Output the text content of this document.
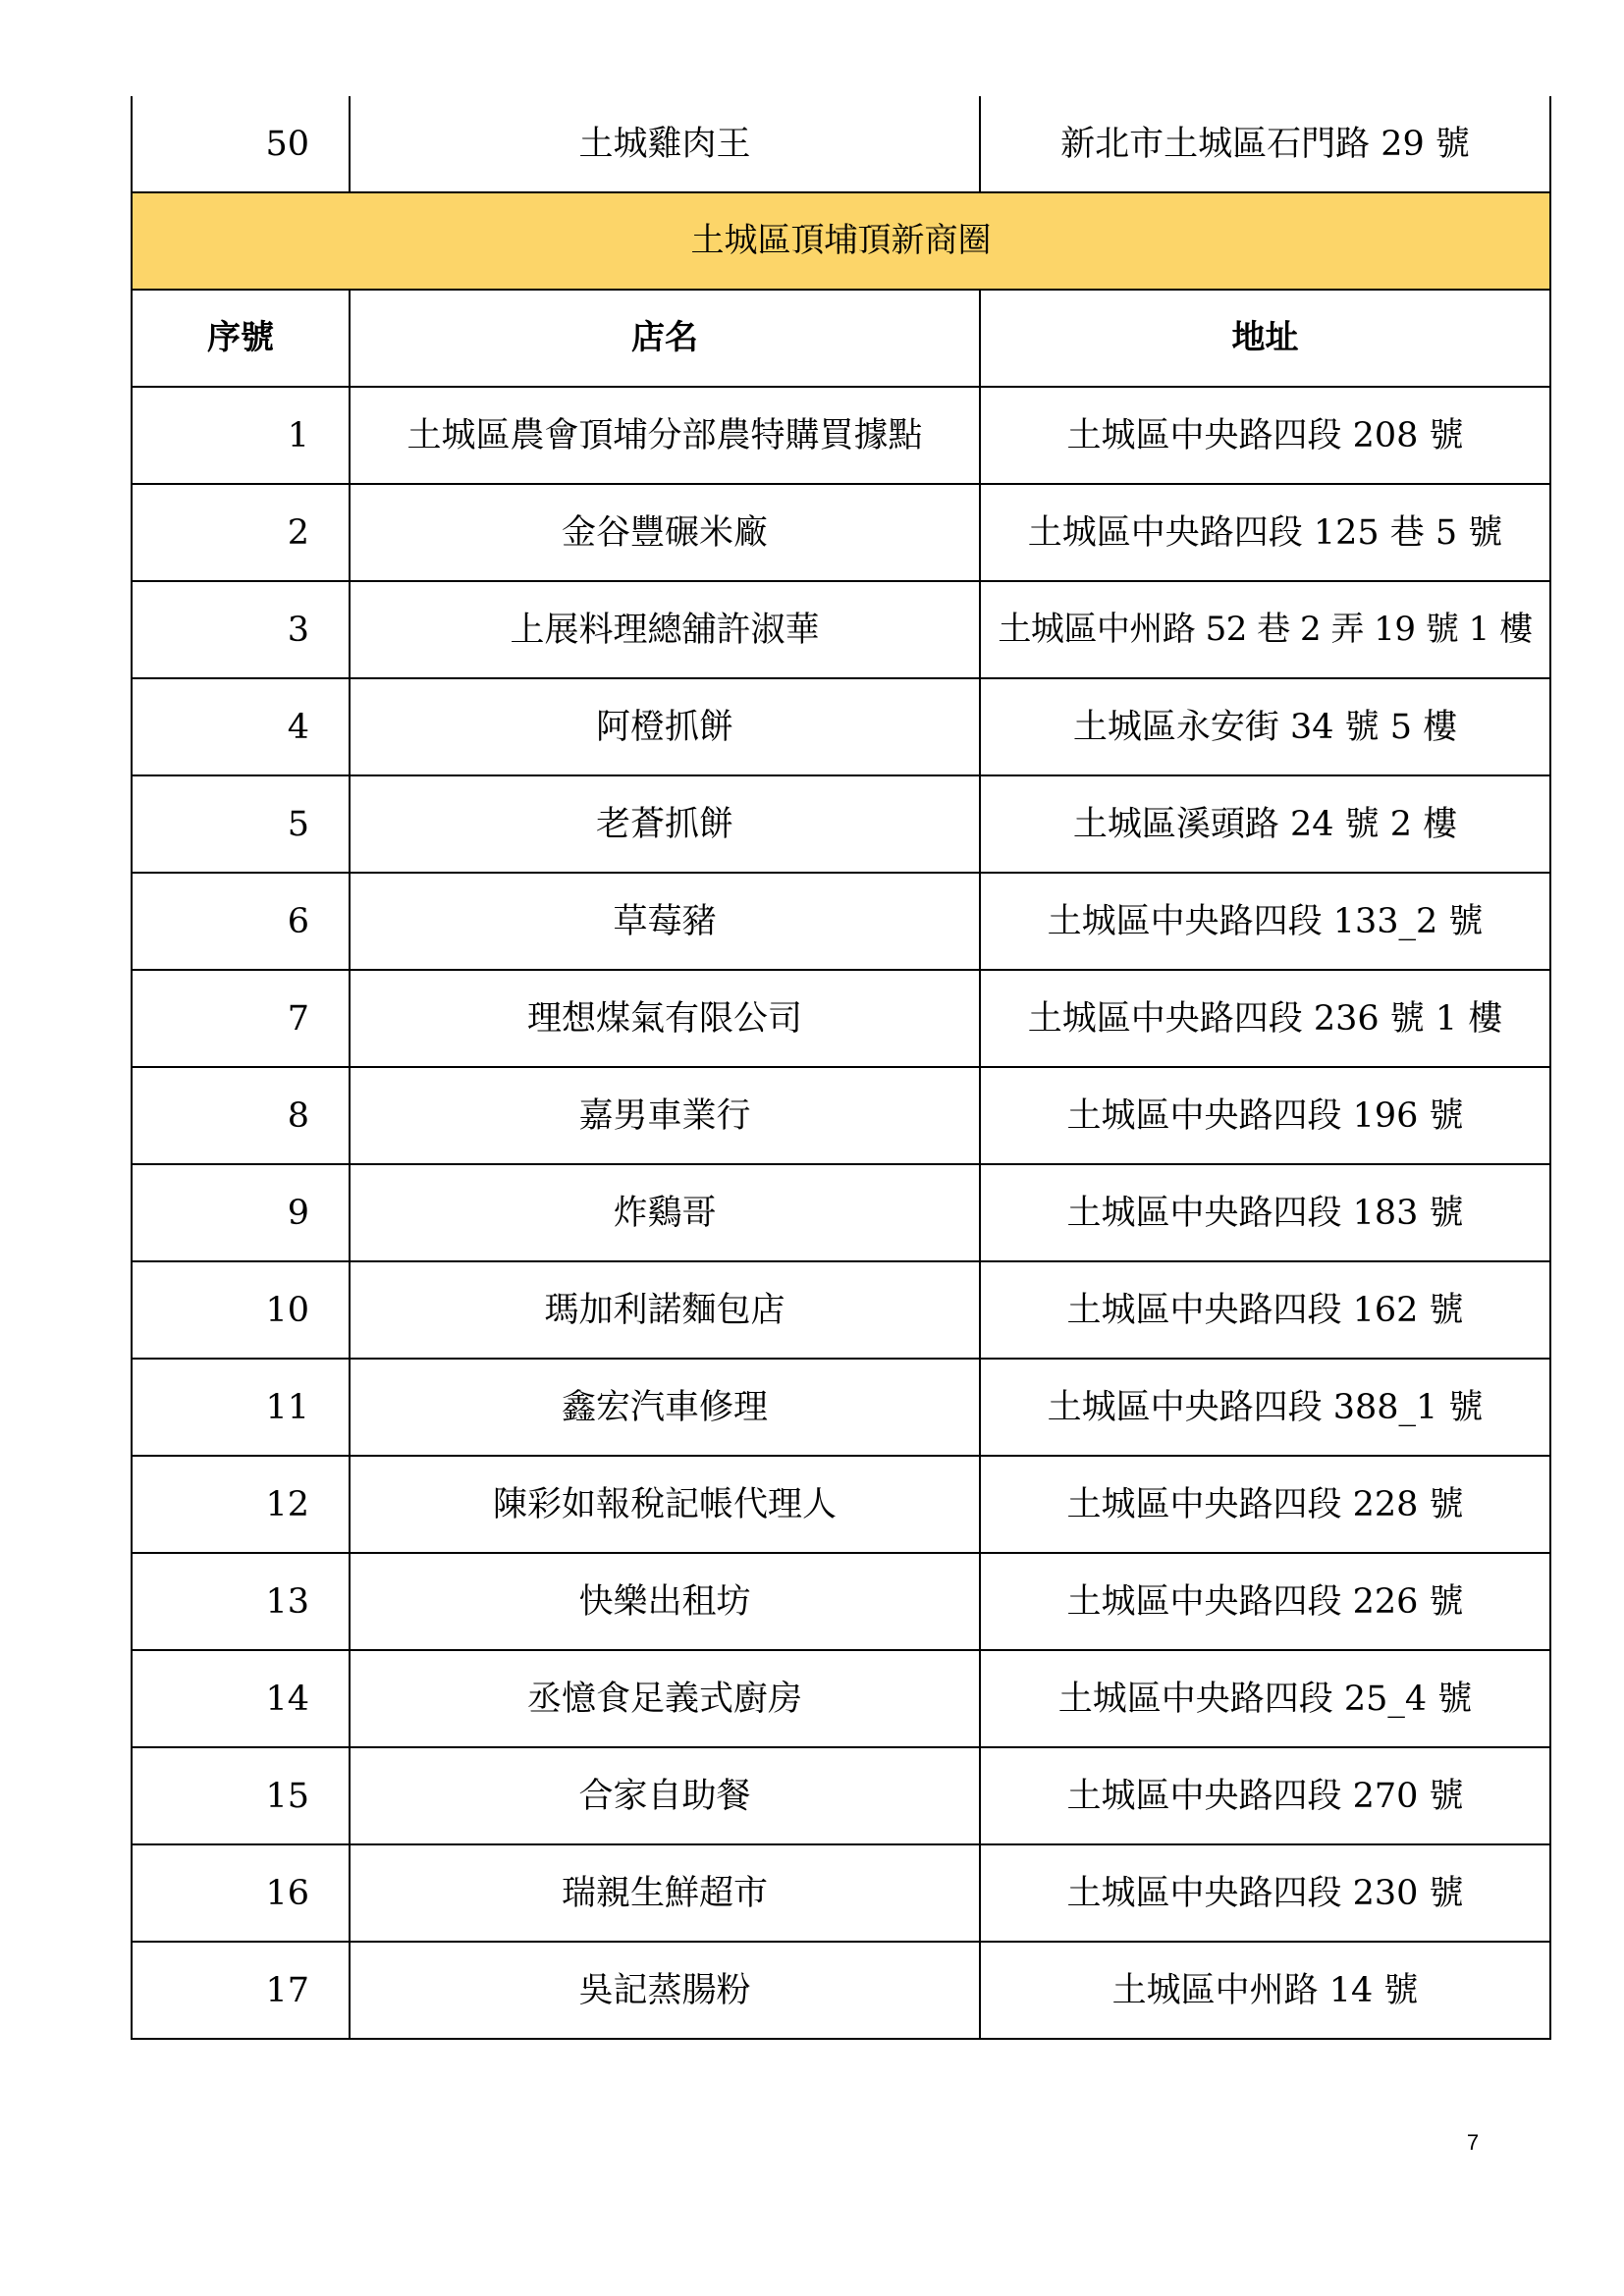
50	土城雞肉王	新北市土城區石門路 29 號
土城區頂埔頂新商圈		
序號	店名	地址
1	土城區農會頂埔分部農特購買據點	土城區中央路四段 208 號
2	金谷豐碾米廠	土城區中央路四段 125 巷 5 號
3	上展料理總舖許淑華	土城區中州路 52 巷 2 弄 19 號 1 樓
4	阿橙抓餅	土城區永安街 34 號 5 樓
5	老蒼抓餅	土城區溪頭路 24 號 2 樓
6	草莓豬	土城區中央路四段 133_2 號
7	理想煤氣有限公司	土城區中央路四段 236 號 1 樓
8	嘉男車業行	土城區中央路四段 196 號
9	炸鷄哥	土城區中央路四段 183 號
10	瑪加利諾麵包店	土城區中央路四段 162 號
11	鑫宏汽車修理	土城區中央路四段 388_1 號
12	陳彩如報稅記帳代理人	土城區中央路四段 228 號
13	快樂出租坊	土城區中央路四段 226 號
14	丞憶食足義式廚房	土城區中央路四段 25_4 號
15	合家自助餐	土城區中央路四段 270 號
16	瑞親生鮮超市	土城區中央路四段 230 號
17	吳記蒸腸粉	土城區中州路 14 號
7
